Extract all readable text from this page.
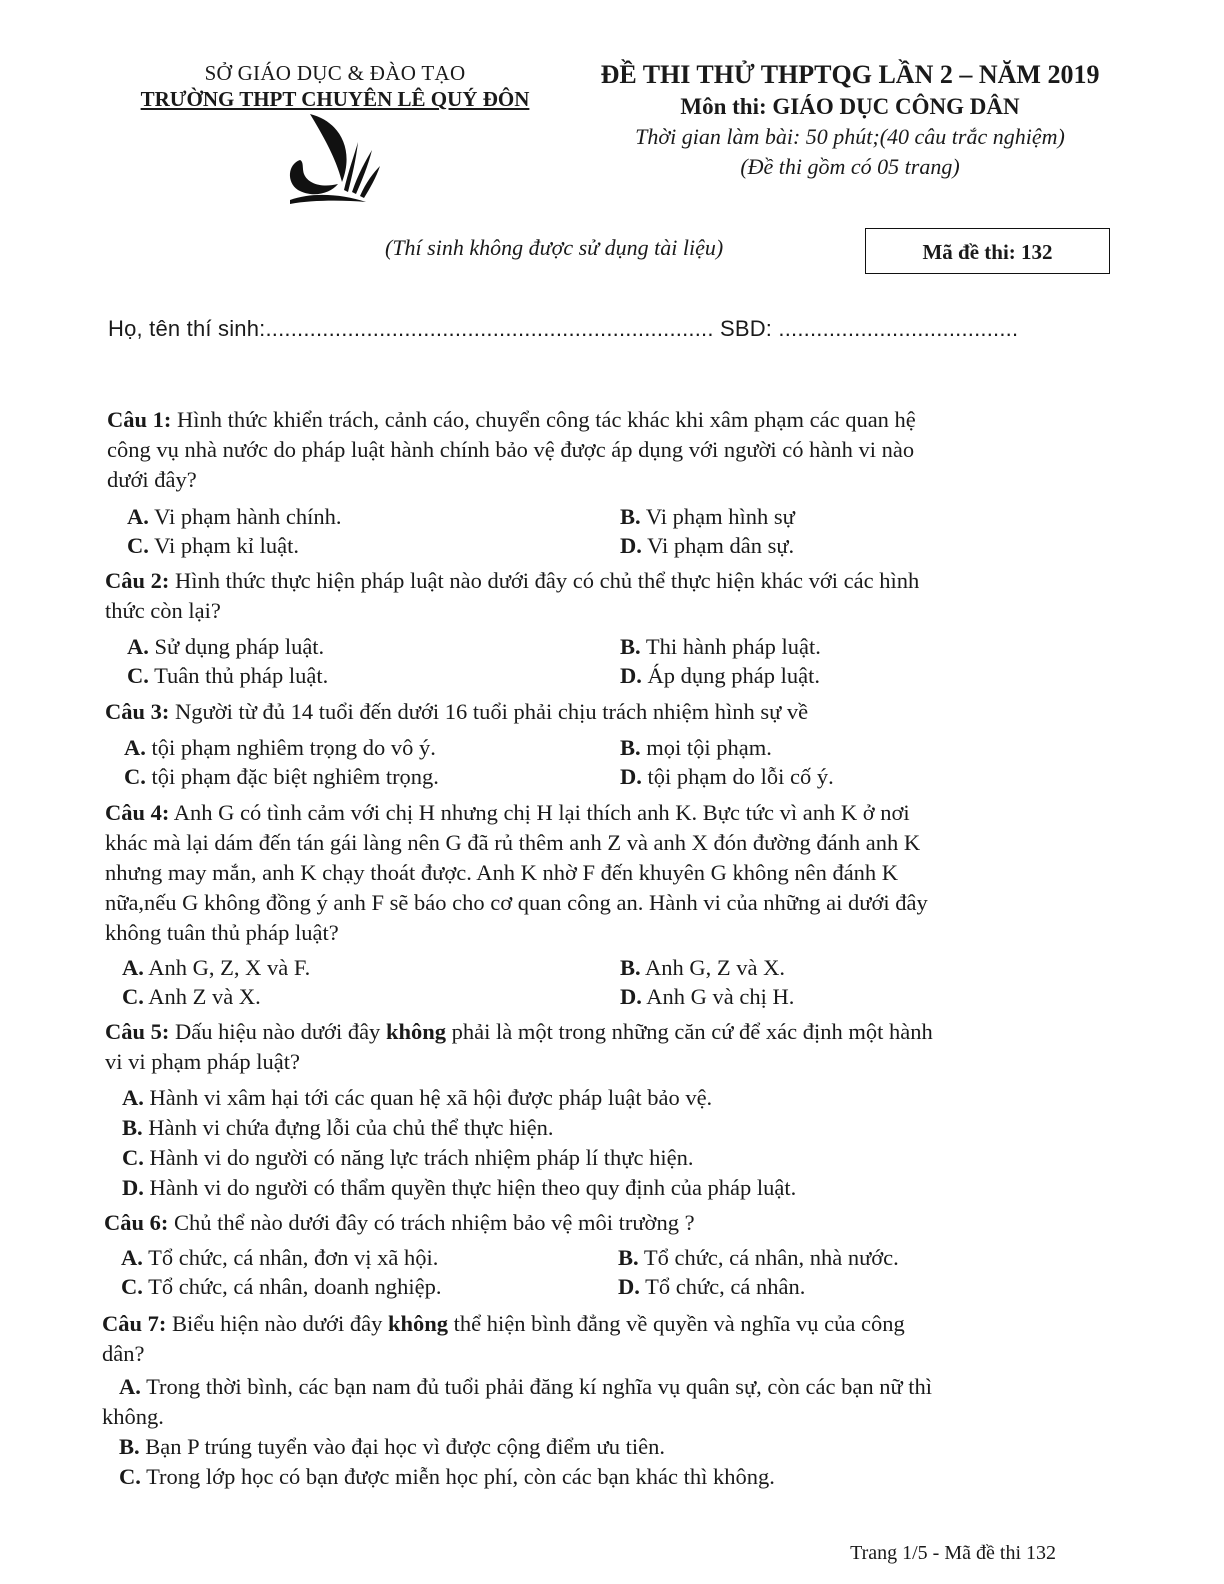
SỞ GIÁO DỤC & ĐÀO TẠO
TRƯỜNG THPT CHUYÊN LÊ QUÝ ĐÔN
ĐỀ THI THỬ THPTQG LẦN 2 – NĂM 2019
Môn thi: GIÁO DỤC CÔNG DÂN
Thời gian làm bài: 50 phút;(40 câu trắc nghiệm)
(Đề thi gồm có 05 trang)
(Thí sinh không được sử dụng tài liệu)	Mã đề thi: 132
Họ, tên thí sinh:....................................................................... SBD: ......................................
Câu 1: Hình thức khiển trách, cảnh cáo, chuyển công tác khác khi xâm phạm các quan hệ
công vụ nhà nước do pháp luật hành chính bảo vệ được áp dụng với người có hành vi nào
dưới đây?
A. Vi phạm hành chính.	B. Vi phạm hình sự
C. Vi phạm kỉ luật.	D. Vi phạm dân sự.
Câu 2: Hình thức thực hiện pháp luật nào dưới đây có chủ thể thực hiện khác với các hình
thức còn lại?
A. Sử dụng pháp luật.	B. Thi hành pháp luật.
C. Tuân thủ pháp luật.	D. Áp dụng pháp luật.
Câu 3: Người từ đủ 14 tuổi đến dưới 16 tuổi phải chịu trách nhiệm hình sự về
A. tội phạm nghiêm trọng do vô ý.	B. mọi tội phạm.
C. tội phạm đặc biệt nghiêm trọng.	D. tội phạm do lỗi cố ý.
Câu 4: Anh G có tình cảm với chị H nhưng chị H lại thích anh K. Bực tức vì anh K ở nơi
khác mà lại dám đến tán gái làng nên G đã rủ thêm anh Z và anh X đón đường đánh anh K
nhưng may mắn, anh K chạy thoát được. Anh K nhờ F đến khuyên G không nên đánh K
nữa,nếu G không đồng ý anh F sẽ báo cho cơ quan công an. Hành vi của những ai dưới đây
không tuân thủ pháp luật?
A. Anh G, Z, X và F.	B. Anh G, Z và X.
C. Anh Z và X.	D. Anh G và chị H.
Câu 5: Dấu hiệu nào dưới đây không phải là một trong những căn cứ để xác định một hành
vi vi phạm pháp luật?
A. Hành vi xâm hại tới các quan hệ xã hội được pháp luật bảo vệ.
B. Hành vi chứa đựng lỗi của chủ thể thực hiện.
C. Hành vi do người có năng lực trách nhiệm pháp lí thực hiện.
D. Hành vi do người có thẩm quyền thực hiện theo quy định của pháp luật.
Câu 6: Chủ thể nào dưới đây có trách nhiệm bảo vệ môi trường ?
A. Tổ chức, cá nhân, đơn vị xã hội.	B. Tổ chức, cá nhân, nhà nước.
C. Tổ chức, cá nhân, doanh nghiệp.	D. Tổ chức, cá nhân.
Câu 7: Biểu hiện nào dưới đây không thể hiện bình đẳng về quyền và nghĩa vụ của công
dân?
A. Trong thời bình, các bạn nam đủ tuổi phải đăng kí nghĩa vụ quân sự, còn các bạn nữ thì
không.
B. Bạn P trúng tuyển vào đại học vì được cộng điểm ưu tiên.
C. Trong lớp học có bạn được miễn học phí, còn các bạn khác thì không.
Trang 1/5 - Mã đề thi 132
